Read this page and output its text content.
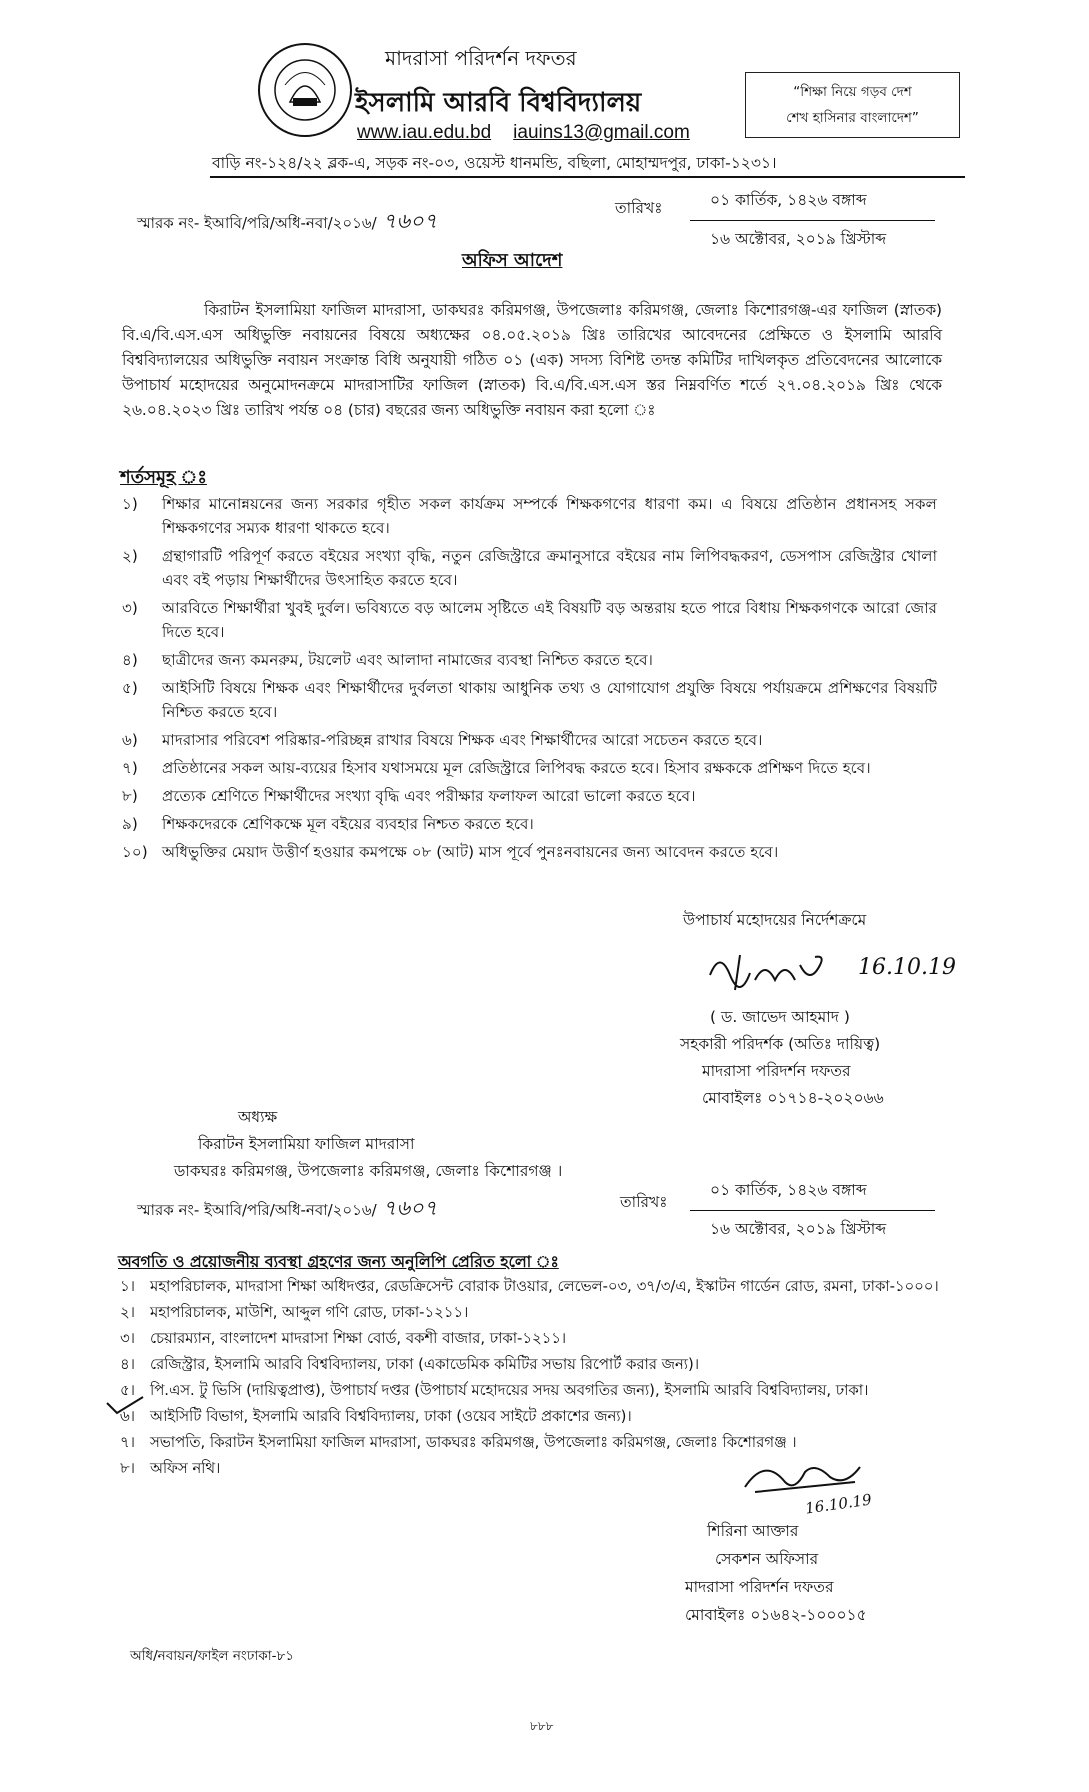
মাদরাসা পরিদর্শন দফতর
ইসলামি আরবি বিশ্ববিদ্যালয়
www.iau.edu.bd iauins13@gmail.com
বাড়ি নং-১২৪/২২ ব্লক-এ, সড়ক নং-০৩, ওয়েস্ট ধানমন্ডি, বছিলা, মোহাম্মদপুর, ঢাকা-১২৩১।
“শিক্ষা নিয়ে গড়ব দেশ
শেখ হাসিনার বাংলাদেশ”
স্মারক নং- ইআবি/পরি/অধি-নবা/২০১৬/ ৭৬০৭
তারিখঃ	০১ কার্তিক, ১৪২৬ বঙ্গাব্দ
১৬ অক্টোবর, ২০১৯ খ্রিস্টাব্দ
অফিস আদেশ
কিরাটন ইসলামিয়া ফাজিল মাদরাসা, ডাকঘরঃ করিমগঞ্জ, উপজেলাঃ করিমগঞ্জ, জেলাঃ কিশোরগঞ্জ-এর ফাজিল (স্নাতক) বি.এ/বি.এস.এস অধিভুক্তি নবায়নের বিষয়ে অধ্যক্ষের ০৪.০৫.২০১৯ খ্রিঃ তারিখের আবেদনের প্রেক্ষিতে ও ইসলামি আরবি বিশ্ববিদ্যালয়ের অধিভুক্তি নবায়ন সংক্রান্ত বিধি অনুযায়ী গঠিত ০১ (এক) সদস্য বিশিষ্ট তদন্ত কমিটির দাখিলকৃত প্রতিবেদনের আলোকে উপাচার্য মহোদয়ের অনুমোদনক্রমে মাদরাসাটির ফাজিল (স্নাতক) বি.এ/বি.এস.এস স্তর নিম্নবর্ণিত শর্তে ২৭.০৪.২০১৯ খ্রিঃ থেকে ২৬.০৪.২০২৩ খ্রিঃ তারিখ পর্যন্ত ০৪ (চার) বছরের জন্য অধিভুক্তি নবায়ন করা হলো ঃ
শর্তসমূহ ঃ
১) শিক্ষার মানোন্নয়নের জন্য সরকার গৃহীত সকল কার্যক্রম সম্পর্কে শিক্ষকগণের ধারণা কম। এ বিষয়ে প্রতিষ্ঠান প্রধানসহ সকল শিক্ষকগণের সম্যক ধারণা থাকতে হবে।
২) গ্রন্থাগারটি পরিপূর্ণ করতে বইয়ের সংখ্যা বৃদ্ধি, নতুন রেজিস্ট্রারে ক্রমানুসারে বইয়ের নাম লিপিবদ্ধকরণ, ডেসপাস রেজিস্ট্রার খোলা এবং বই পড়ায় শিক্ষার্থীদের উৎসাহিত করতে হবে।
৩) আরবিতে শিক্ষার্থীরা খুবই দুর্বল। ভবিষ্যতে বড় আলেম সৃষ্টিতে এই বিষয়টি বড় অন্তরায় হতে পারে বিধায় শিক্ষকগণকে আরো জোর দিতে হবে।
৪) ছাত্রীদের জন্য কমনরুম, টয়লেট এবং আলাদা নামাজের ব্যবস্থা নিশ্চিত করতে হবে।
৫) আইসিটি বিষয়ে শিক্ষক এবং শিক্ষার্থীদের দুর্বলতা থাকায় আধুনিক তথ্য ও যোগাযোগ প্রযুক্তি বিষয়ে পর্যায়ক্রমে প্রশিক্ষণের বিষয়টি নিশ্চিত করতে হবে।
৬) মাদরাসার পরিবেশ পরিষ্কার-পরিচ্ছন্ন রাখার বিষয়ে শিক্ষক এবং শিক্ষার্থীদের আরো সচেতন করতে হবে।
৭) প্রতিষ্ঠানের সকল আয়-ব্যয়ের হিসাব যথাসময়ে মূল রেজিস্ট্রারে লিপিবদ্ধ করতে হবে। হিসাব রক্ষককে প্রশিক্ষণ দিতে হবে।
৮) প্রত্যেক শ্রেণিতে শিক্ষার্থীদের সংখ্যা বৃদ্ধি এবং পরীক্ষার ফলাফল আরো ভালো করতে হবে।
৯) শিক্ষকদেরকে শ্রেণিকক্ষে মূল বইয়ের ব্যবহার নিশ্চত করতে হবে।
১০) অধিভুক্তির মেয়াদ উত্তীর্ণ হওয়ার কমপক্ষে ০৮ (আট) মাস পূর্বে পুনঃনবায়নের জন্য আবেদন করতে হবে।
উপাচার্য মহোদয়ের নির্দেশক্রমে
16.10.19
( ড. জাভেদ আহমাদ )
সহকারী পরিদর্শক (অতিঃ দায়িত্ব)
মাদরাসা পরিদর্শন দফতর
মোবাইলঃ ০১৭১৪-২০২০৬৬
অধ্যক্ষ
কিরাটন ইসলামিয়া ফাজিল মাদরাসা
ডাকঘরঃ করিমগঞ্জ, উপজেলাঃ করিমগঞ্জ, জেলাঃ কিশোরগঞ্জ ।
স্মারক নং- ইআবি/পরি/অধি-নবা/২০১৬/ ৭৬০৭	তারিখঃ
০১ কার্তিক, ১৪২৬ বঙ্গাব্দ
১৬ অক্টোবর, ২০১৯ খ্রিস্টাব্দ
অবগতি ও প্রয়োজনীয় ব্যবস্থা গ্রহণের জন্য অনুলিপি প্রেরিত হলো ঃ
১। মহাপরিচালক, মাদরাসা শিক্ষা অধিদপ্তর, রেডক্রিসেন্ট বোরাক টাওয়ার, লেভেল-০৩, ৩৭/৩/এ, ইস্কাটন গার্ডেন রোড, রমনা, ঢাকা-১০০০।
২। মহাপরিচালক, মাউশি, আব্দুল গণি রোড, ঢাকা-১২১১।
৩। চেয়ারম্যান, বাংলাদেশ মাদরাসা শিক্ষা বোর্ড, বকশী বাজার, ঢাকা-১২১১।
৪। রেজিস্ট্রার, ইসলামি আরবি বিশ্ববিদ্যালয়, ঢাকা (একাডেমিক কমিটির সভায় রিপোর্ট করার জন্য)।
৫। পি.এস. টু ভিসি (দায়িত্বপ্রাপ্ত), উপাচার্য দপ্তর (উপাচার্য মহোদয়ের সদয় অবগতির জন্য), ইসলামি আরবি বিশ্ববিদ্যালয়, ঢাকা।
৬। আইসিটি বিভাগ, ইসলামি আরবি বিশ্ববিদ্যালয়, ঢাকা (ওয়েব সাইটে প্রকাশের জন্য)।
৭। সভাপতি, কিরাটন ইসলামিয়া ফাজিল মাদরাসা, ডাকঘরঃ করিমগঞ্জ, উপজেলাঃ করিমগঞ্জ, জেলাঃ কিশোরগঞ্জ ।
৮। অফিস নথি।
16.10.19
শিরিনা আক্তার
সেকশন অফিসার
মাদরাসা পরিদর্শন দফতর
মোবাইলঃ ০১৬৪২-১০০০১৫
অধি/নবায়ন/ফাইল নংঢাকা-৮১
৮৮৮
